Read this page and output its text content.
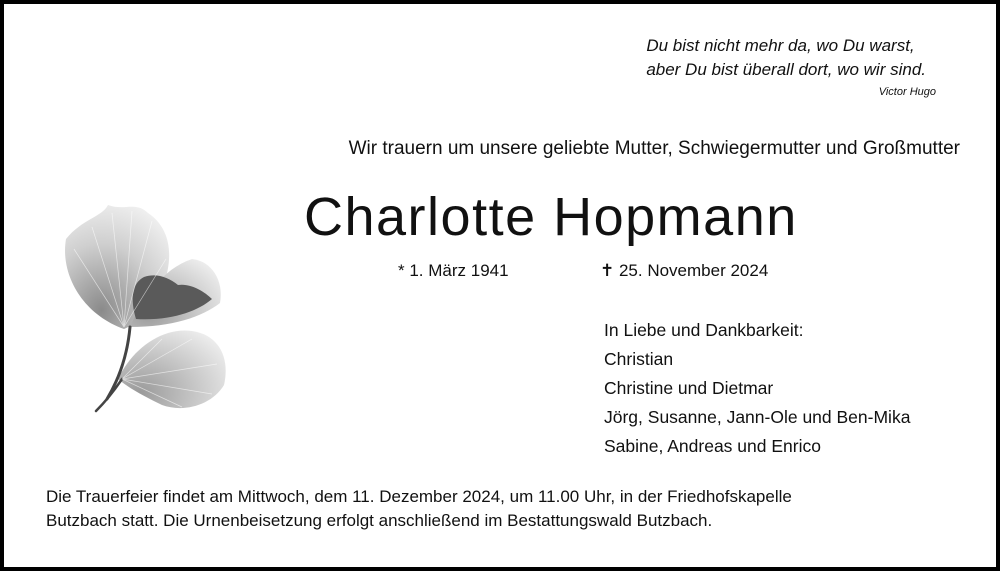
Du bist nicht mehr da, wo Du warst,
aber Du bist überall dort, wo wir sind.
Victor Hugo
Wir trauern um unsere geliebte Mutter, Schwiegermutter und Großmutter
Charlotte Hopmann
* 1. März 1941	✝ 25. November 2024
In Liebe und Dankbarkeit:
Christian
Christine und Dietmar
Jörg, Susanne, Jann-Ole und Ben-Mika
Sabine, Andreas und Enrico
Die Trauerfeier findet am Mittwoch, dem 11. Dezember 2024, um 11.00 Uhr, in der Friedhofskapelle
Butzbach statt. Die Urnenbeisetzung erfolgt anschließend im Bestattungswald Butzbach.
